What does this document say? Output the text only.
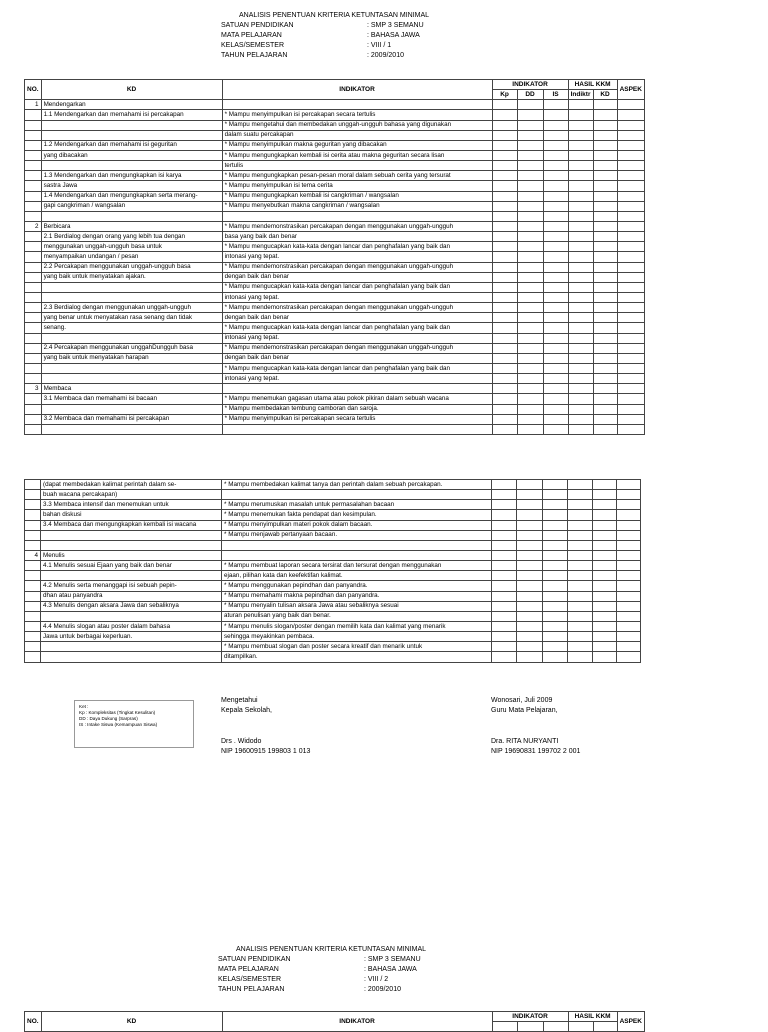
ANALISIS PENENTUAN KRITERIA KETUNTASAN MINIMAL
SATUAN PENDIDIKAN	: SMP 3 SEMANU
MATA PELAJARAN	: BAHASA JAWA
KELAS/SEMESTER	: VIII / 1
TAHUN PELAJARAN	: 2009/2010
NO.	KD	INDIKATOR	INDIKATOR			HASIL KKM		ASPEK
			Kp	DD	IS	Indiktr	KD	
1	Mendengarkan							
	1.1 Mendengarkan dan memahami isi percakapan	* Mampu menyimpulkan isi percakapan secara tertulis						
		* Mampu mengetahui dan membedakan unggah-ungguh bahasa yang digunakan						
		dalam suatu percakapan						
	1.2 Mendengarkan dan memahami isi geguritan	* Mampu menyimpulkan makna geguritan yang dibacakan						
	yang dibacakan	* Mampu mengungkapkan kembali isi cerita atau makna geguritan secara lisan						
		tertulis						
	1.3 Mendengarkan dan mengungkapkan isi karya	* Mampu mengungkapkan pesan-pesan moral dalam sebuah cerita yang tersurat						
	sastra Jawa	* Mampu menyimpulkan isi tema cerita						
	1.4 Mendengarkan dan mengungkapkan serta merang-	* Mampu mengungkapkan kembali isi cangkriman / wangsalan						
	gapi cangkriman / wangsalan	* Mampu menyebutkan makna cangkriman / wangsalan						

2	Berbicara	* Mampu mendemonstrasikan percakapan dengan menggunakan unggah-ungguh						
	2.1 Berdialog dengan orang yang lebih tua dengan	basa yang baik dan benar						
	menggunakan unggah-ungguh basa untuk	* Mampu mengucapkan kata-kata dengan lancar dan penghafalan yang baik dan						
	menyampaikan undangan / pesan	intonasi yang tepat.						
	2.2 Percakapan menggunakan unggah-ungguh basa	* Mampu mendemonstrasikan percakapan dengan menggunakan unggah-ungguh						
	yang baik untuk menyatakan ajakan.	dengan baik dan benar						
		* Mampu mengucapkan kata-kata dengan lancar dan penghafalan yang baik dan						
		intonasi yang tepat.						
	2.3 Berdialog dengan menggunakan unggah-ungguh	* Mampu mendemonstrasikan percakapan dengan menggunakan unggah-ungguh						
	yang benar untuk menyatakan rasa senang dan tidak	dengan baik dan benar						
	senang.	* Mampu mengucapkan kata-kata dengan lancar dan penghafalan yang baik dan						
		intonasi yang tepat.						
	2.4 Percakapan menggunakan unggahDungguh basa	* Mampu mendemonstrasikan percakapan dengan menggunakan unggah-ungguh						
	yang baik untuk menyatakan harapan	dengan baik dan benar						
		* Mampu mengucapkan kata-kata dengan lancar dan penghafalan yang baik dan						
		intonasi yang tepat.						
3	Membaca							
	3.1 Membaca dan memahami isi bacaan	* Mampu menemukan gagasan utama atau pokok pikiran dalam sebuah wacana						
		* Mampu membedakan tembung camboran dan saroja.						
	3.2 Membaca dan memahami isi percakapan	* Mampu menyimpulkan isi percakapan secara tertulis						

	(dapat membedakan kalimat perintah dalam se-	* Mampu membedakan kalimat tanya dan perintah dalam sebuah percakapan.						
	buah wacana percakapan)							
	3.3 Membaca intensif dan menemukan untuk	* Mampu merumuskan masalah untuk permasalahan bacaan						
	bahan diskusi	* Mampu menemukan fakta pendapat dan kesimpulan.						
	3.4 Membaca dan mengungkapkan kembali isi wacana	* Mampu menyimpulkan materi pokok dalam bacaan.						
		* Mampu menjawab pertanyaan bacaan.						

4	Menulis							
	4.1 Menulis sesuai Ejaan yang baik dan benar	* Mampu membuat laporan secara tersirat dan tersurat dengan menggunakan						
		ejaan, pilihan kata dan keefektifan kalimat.						
	4.2 Menulis serta menanggapi isi sebuah pepin-	* Mampu menggunakan pepindhan dan panyandra.						
	dhan atau panyandra	* Mampu memahami makna pepindhan dan panyandra.						
	4.3 Menulis dengan aksara Jawa dan sebaliknya	* Mampu menyalin tulisan aksara Jawa atau sebaliknya sesuai						
		aturan penulisan yang baik dan benar.						
	4.4 Menulis slogan atau poster dalam bahasa	* Mampu menulis slogan/poster dengan memilih kata dan kalimat yang menarik						
	Jawa untuk berbagai keperluan.	sehingga meyakinkan pembaca.						
		* Mampu membuat slogan dan poster secara kreatif dan menarik untuk						
		ditampilkan.						
Ket :
Kp : Kompleksitas (Tingkat Kesulitan)
DD : Daya Dukung (Sarpras)
IS : Intake Siswa (Kemampuan Siswa)
Mengetahui
Kepala Sekolah,
Drs . Widodo
NIP 19600915 199803 1 013
Wonosari, Juli 2009
Guru Mata Pelajaran,
Dra. RITA NURYANTI
NIP 19690831 199702 2 001
ANALISIS PENENTUAN KRITERIA KETUNTASAN MINIMAL
SATUAN PENDIDIKAN	: SMP 3 SEMANU
MATA PELAJARAN	: BAHASA JAWA
KELAS/SEMESTER	: VIII / 2
TAHUN PELAJARAN	: 2009/2010
NO.	KD	INDIKATOR	INDIKATOR			HASIL KKM		ASPEK
